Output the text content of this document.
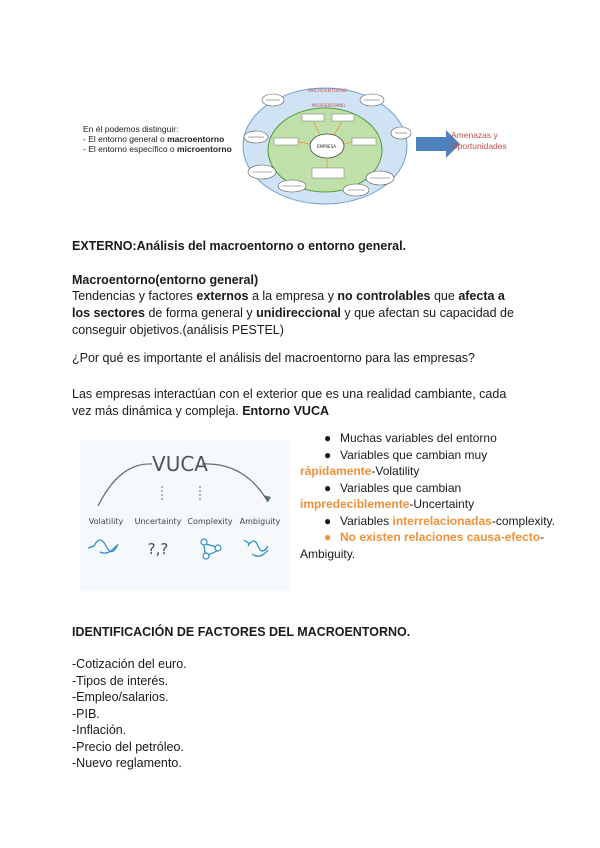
MACROENTORNO
MICROENTORNO
EMPRESA
En él podemos distinguir:
- El entorno general o macroentorno
- El entorno específico o microentorno
Amenazas y
Oportunidades

EXTERNO:Análisis del macroentorno o entorno general.

Macroentorno(entorno general)

Tendencias y factores externos a la empresa y no controlables que afecta a los sectores de forma general y unidireccional y que afectan su capacidad de conseguir objetivos.(análisis PESTEL)

¿Por qué es importante el análisis del macroentorno para las empresas?

Las empresas interactúan con el exterior que es una realidad cambiante, cada vez más dinámica y compleja. Entorno VUCA

VUCA
Volatility Uncertainty Complexity Ambiguity
?,?
● Muchas variables del entorno
● Variables que cambian muy rápidamente-Volatility
● Variables que cambian impredeciblemente-Uncertainty
● Variables interrelacionadas-complexity.
● No existen relaciones causa-efecto-Ambiguity.

IDENTIFICACIÓN DE FACTORES DEL MACROENTORNO.

-Cotización del euro.
-Tipos de interés.
-Empleo/salarios.
-PIB.
-Inflación.
-Precio del petróleo.
-Nuevo reglamento.
